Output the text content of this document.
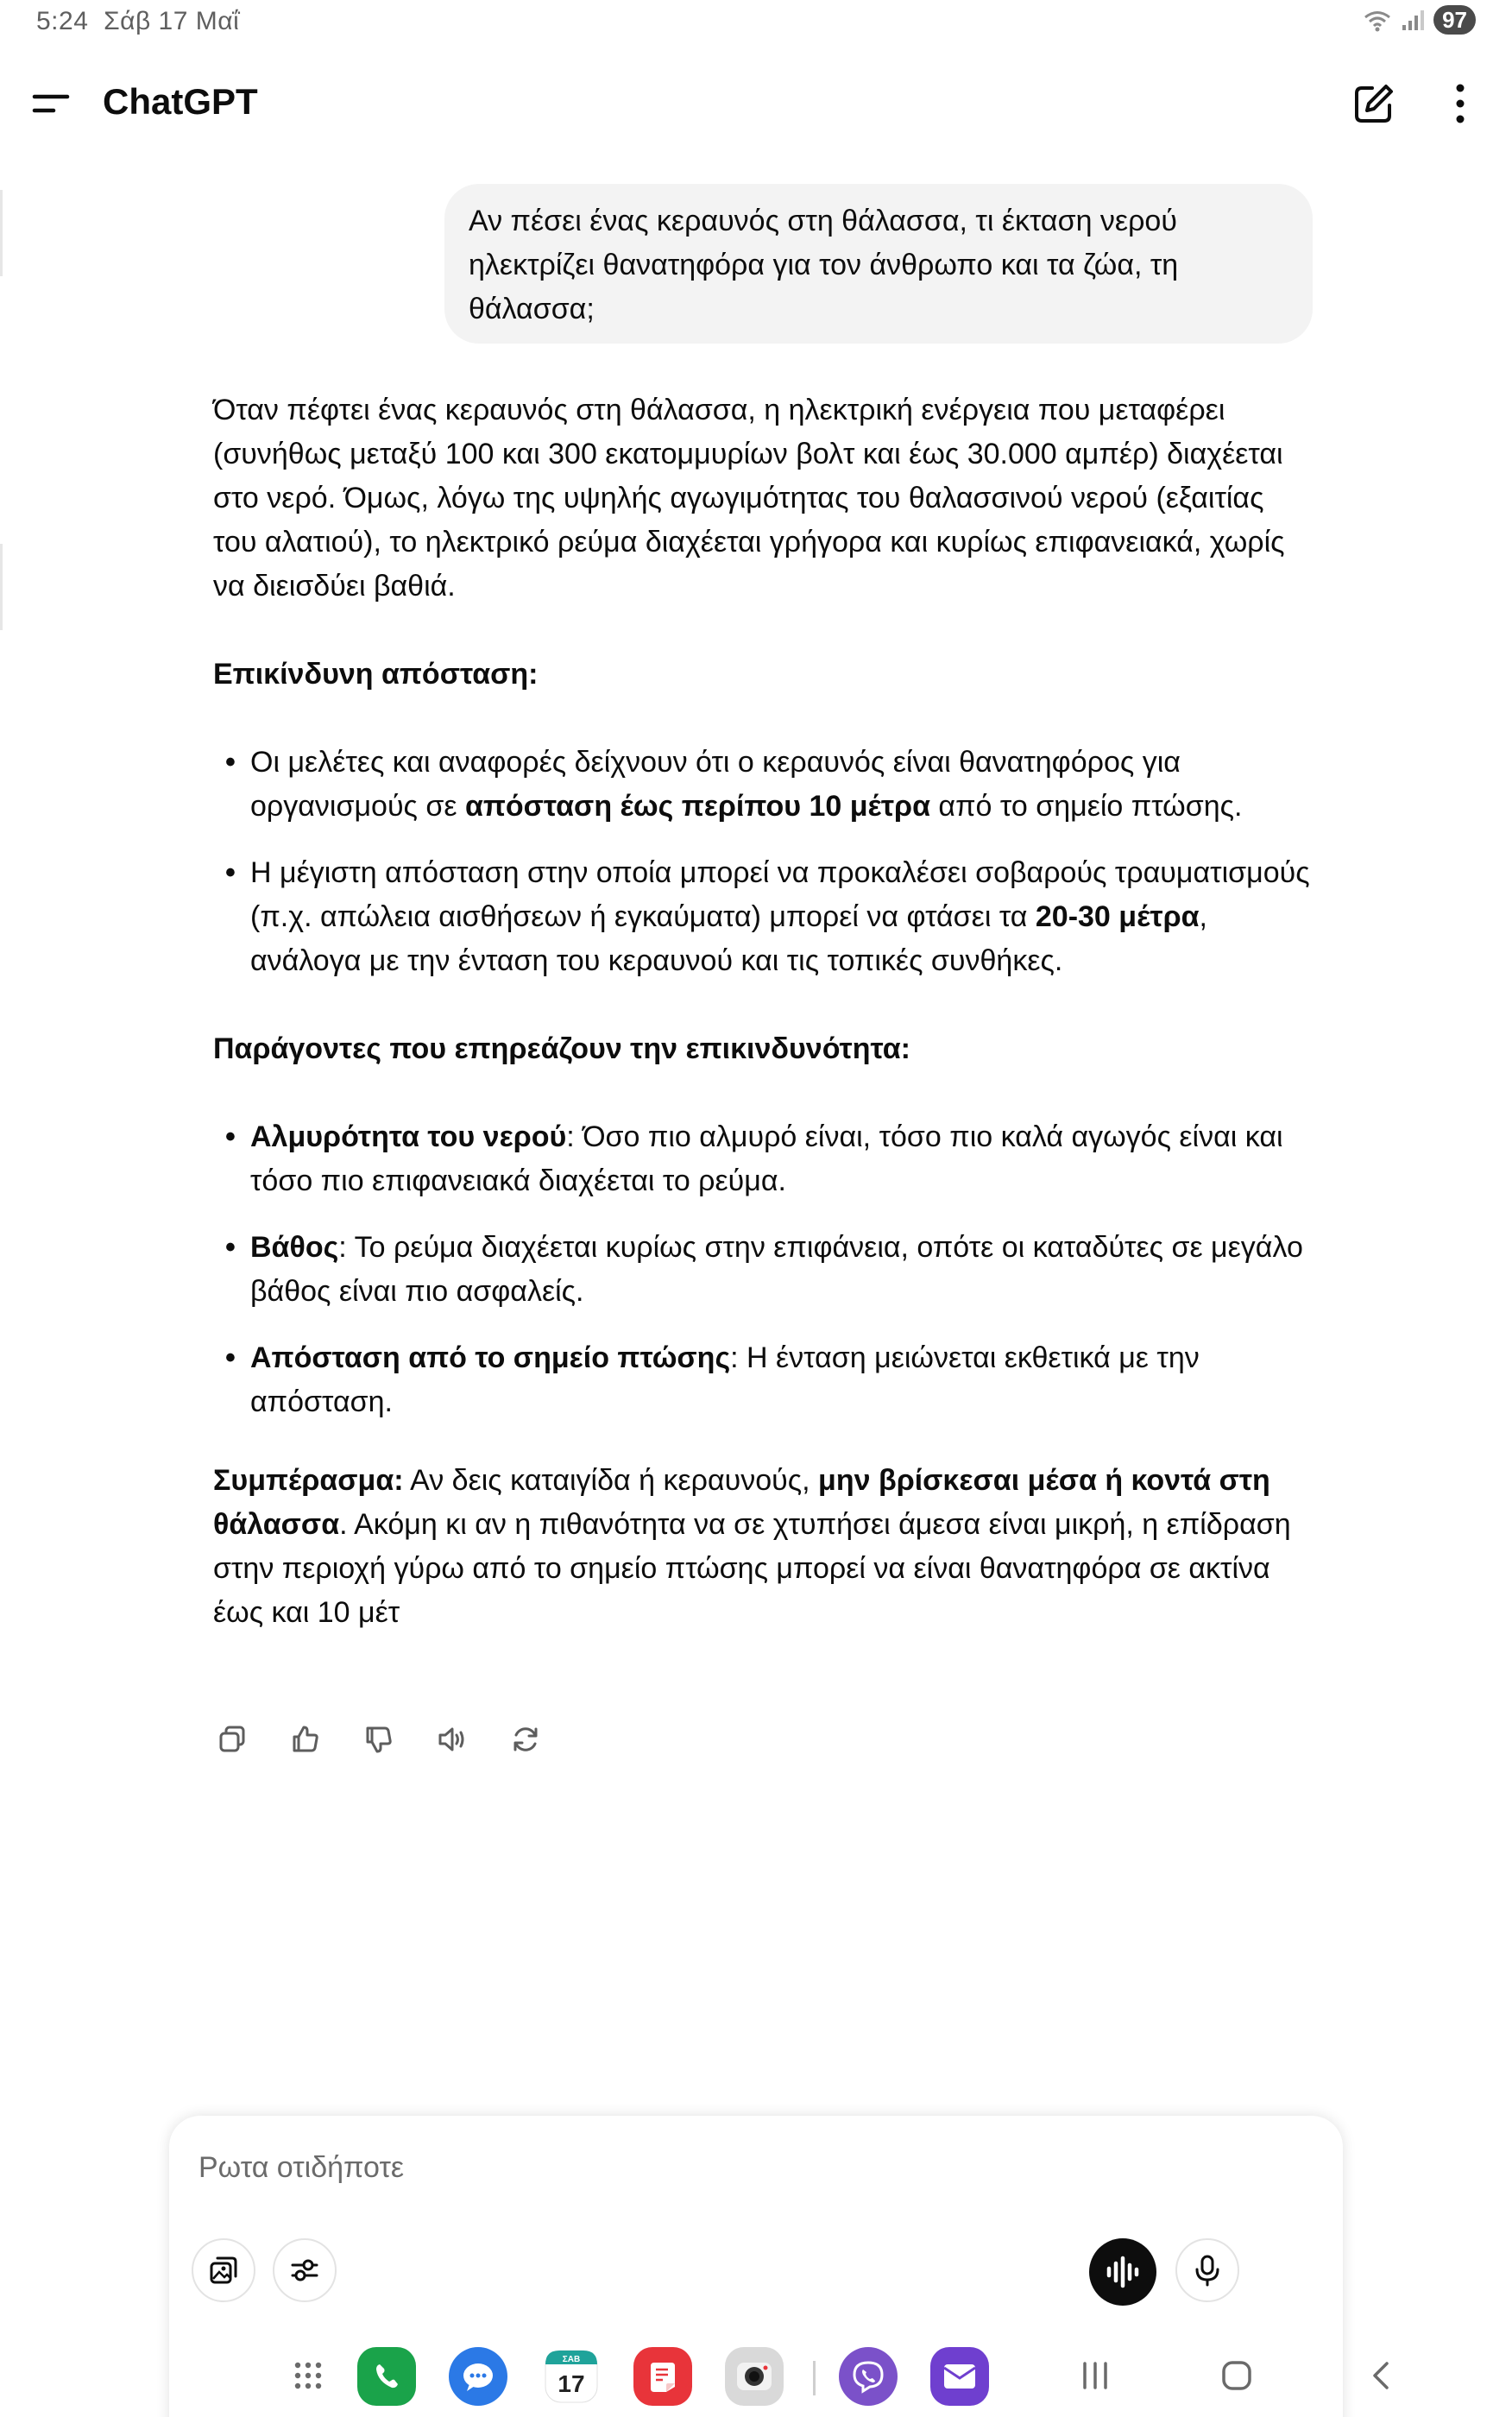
5:24 Σάβ 17 Μαΐ	97
ChatGPT
Αν πέσει ένας κεραυνός στη θάλασσα, τι έκταση νερού ηλεκτρίζει θανατηφόρα για τον άνθρωπο και τα ζώα, τη θάλασσα;

Όταν πέφτει ένας κεραυνός στη θάλασσα, η ηλεκτρική ενέργεια που μεταφέρει (συνήθως μεταξύ 100 και 300 εκατομμυρίων βολτ και έως 30.000 αμπέρ) διαχέεται στο νερό. Όμως, λόγω της υψηλής αγωγιμότητας του θαλασσινού νερού (εξαιτίας του αλατιού), το ηλεκτρικό ρεύμα διαχέεται γρήγορα και κυρίως επιφανειακά, χωρίς να διεισδύει βαθιά.

Επικίνδυνη απόσταση:

• Οι μελέτες και αναφορές δείχνουν ότι ο κεραυνός είναι θανατηφόρος για οργανισμούς σε απόσταση έως περίπου 10 μέτρα από το σημείο πτώσης.
• Η μέγιστη απόσταση στην οποία μπορεί να προκαλέσει σοβαρούς τραυματισμούς (π.χ. απώλεια αισθήσεων ή εγκαύματα) μπορεί να φτάσει τα 20-30 μέτρα, ανάλογα με την ένταση του κεραυνού και τις τοπικές συνθήκες.

Παράγοντες που επηρεάζουν την επικινδυνότητα:

• Αλμυρότητα του νερού: Όσο πιο αλμυρό είναι, τόσο πιο καλά αγωγός είναι και τόσο πιο επιφανειακά διαχέεται το ρεύμα.
• Βάθος: Το ρεύμα διαχέεται κυρίως στην επιφάνεια, οπότε οι καταδύτες σε μεγάλο βάθος είναι πιο ασφαλείς.
• Απόσταση από το σημείο πτώσης: Η ένταση μειώνεται εκθετικά με την απόσταση.

Συμπέρασμα: Αν δεις καταιγίδα ή κεραυνούς, μην βρίσκεσαι μέσα ή κοντά στη θάλασσα. Ακόμη κι αν η πιθανότητα να σε χτυπήσει άμεσα είναι μικρή, η επίδραση στην περιοχή γύρω από το σημείο πτώσης μπορεί να είναι θανατηφόρα σε ακτίνα έως και 10 μέτ

Ρωτα οτιδήποτε
ΣΑΒ
17
